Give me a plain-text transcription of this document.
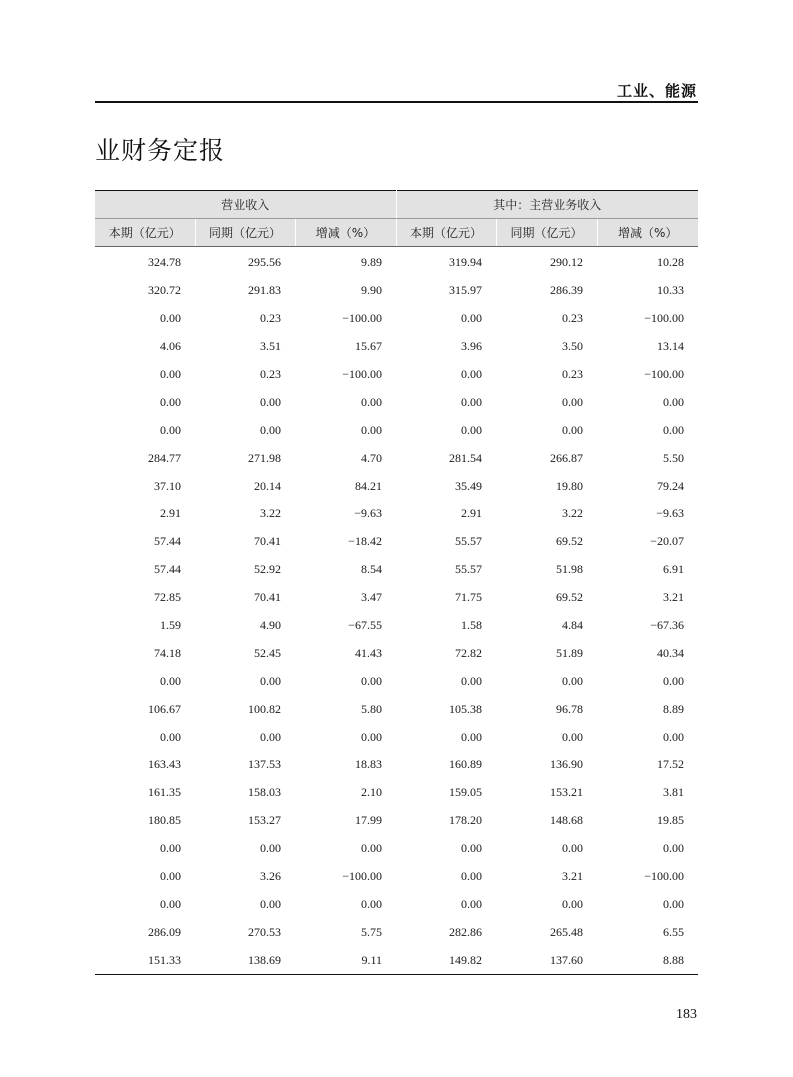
工业、能源
业财务定报
营业收入			其中：主营业务收入		
本期（亿元）	同期（亿元）	增减（%）	本期（亿元）	同期（亿元）	增减（%）
324.78	295.56	9.89	319.94	290.12	10.28
320.72	291.83	9.90	315.97	286.39	10.33
0.00	0.23	−100.00	0.00	0.23	−100.00
4.06	3.51	15.67	3.96	3.50	13.14
0.00	0.23	−100.00	0.00	0.23	−100.00
0.00	0.00	0.00	0.00	0.00	0.00
0.00	0.00	0.00	0.00	0.00	0.00
284.77	271.98	4.70	281.54	266.87	5.50
37.10	20.14	84.21	35.49	19.80	79.24
2.91	3.22	−9.63	2.91	3.22	−9.63
57.44	70.41	−18.42	55.57	69.52	−20.07
57.44	52.92	8.54	55.57	51.98	6.91
72.85	70.41	3.47	71.75	69.52	3.21
1.59	4.90	−67.55	1.58	4.84	−67.36
74.18	52.45	41.43	72.82	51.89	40.34
0.00	0.00	0.00	0.00	0.00	0.00
106.67	100.82	5.80	105.38	96.78	8.89
0.00	0.00	0.00	0.00	0.00	0.00
163.43	137.53	18.83	160.89	136.90	17.52
161.35	158.03	2.10	159.05	153.21	3.81
180.85	153.27	17.99	178.20	148.68	19.85
0.00	0.00	0.00	0.00	0.00	0.00
0.00	3.26	−100.00	0.00	3.21	−100.00
0.00	0.00	0.00	0.00	0.00	0.00
286.09	270.53	5.75	282.86	265.48	6.55
151.33	138.69	9.11	149.82	137.60	8.88
183
